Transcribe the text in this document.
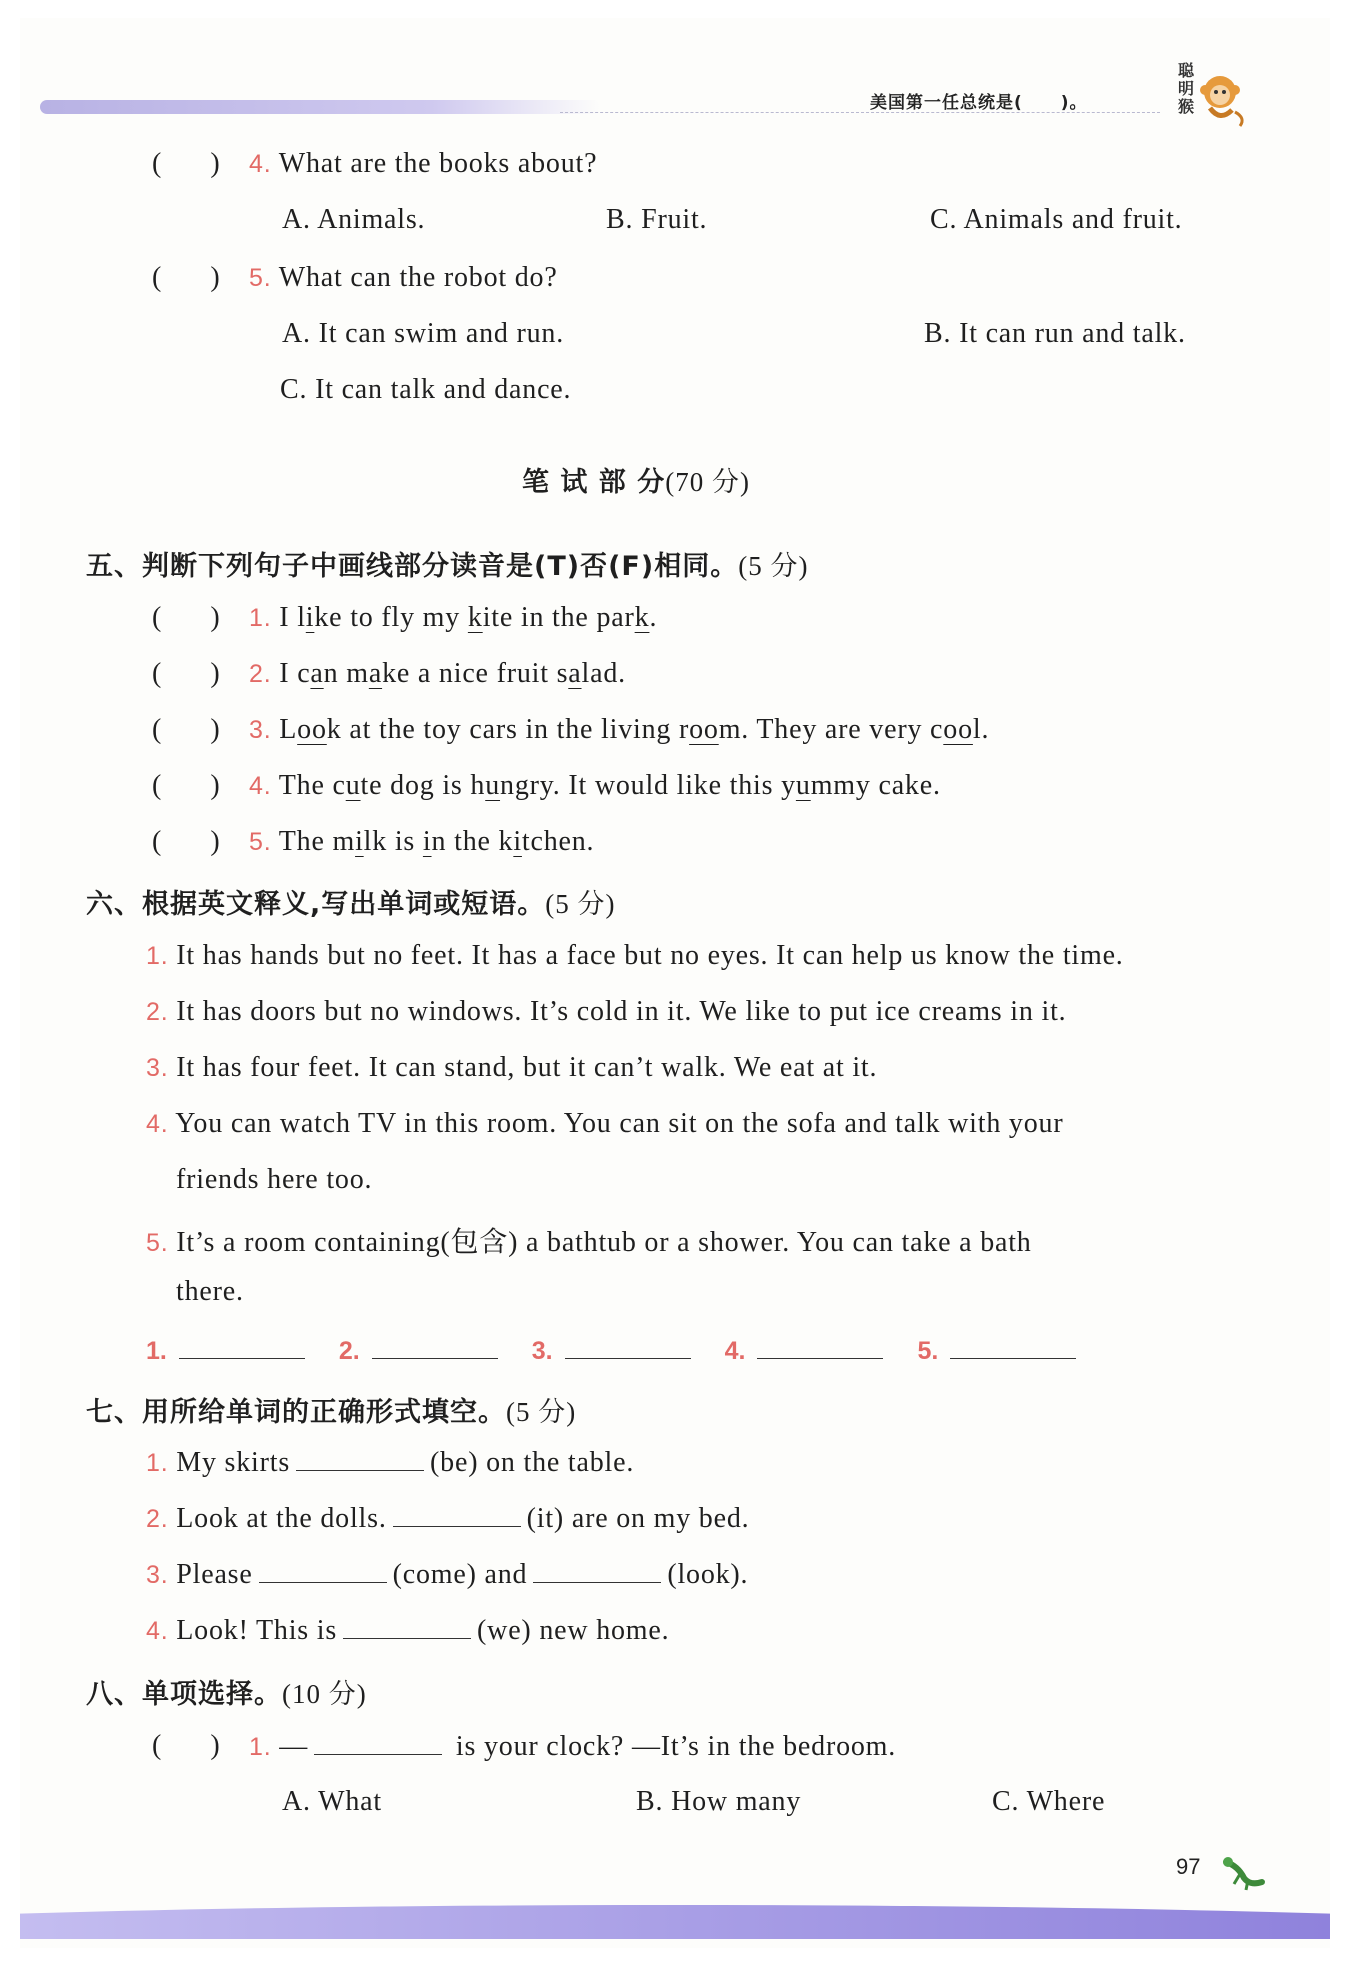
美国第一任总统是( )。
聪
明
猴
(       ) 4. What are the books about?
A. Animals.	B. Fruit.	C. Animals and fruit.
(       ) 5. What can the robot do?
A. It can swim and run.	B. It can run and talk.
C. It can talk and dance.
笔 试 部 分(70 分)
五、判断下列句子中画线部分读音是(T)否(F)相同。(5 分)
(       ) 1. I like to fly my kite in the park.
(       ) 2. I can make a nice fruit salad.
(       ) 3. Look at the toy cars in the living room. They are very cool.
(       ) 4. The cute dog is hungry. It would like this yummy cake.
(       ) 5. The milk is in the kitchen.
六、根据英文释义,写出单词或短语。(5 分)
1. It has hands but no feet. It has a face but no eyes. It can help us know the time.
2. It has doors but no windows. It’s cold in it. We like to put ice creams in it.
3. It has four feet. It can stand, but it can’t walk. We eat at it.
4. You can watch TV in this room. You can sit on the sofa and talk with your
friends here too.
5. It’s a room containing(包含) a bathtub or a shower. You can take a bath
there.
1.	2.	3.	4.	5.
七、用所给单词的正确形式填空。(5 分)
1. My skirts	(be) on the table.
2. Look at the dolls.	(it) are on my bed.
3. Please	(come) and	(look).
4. Look! This is	(we) new home.
八、单项选择。(10 分)
(       ) 1. —	is your clock? —It’s in the bedroom.
A. What	B. How many	C. Where
97
